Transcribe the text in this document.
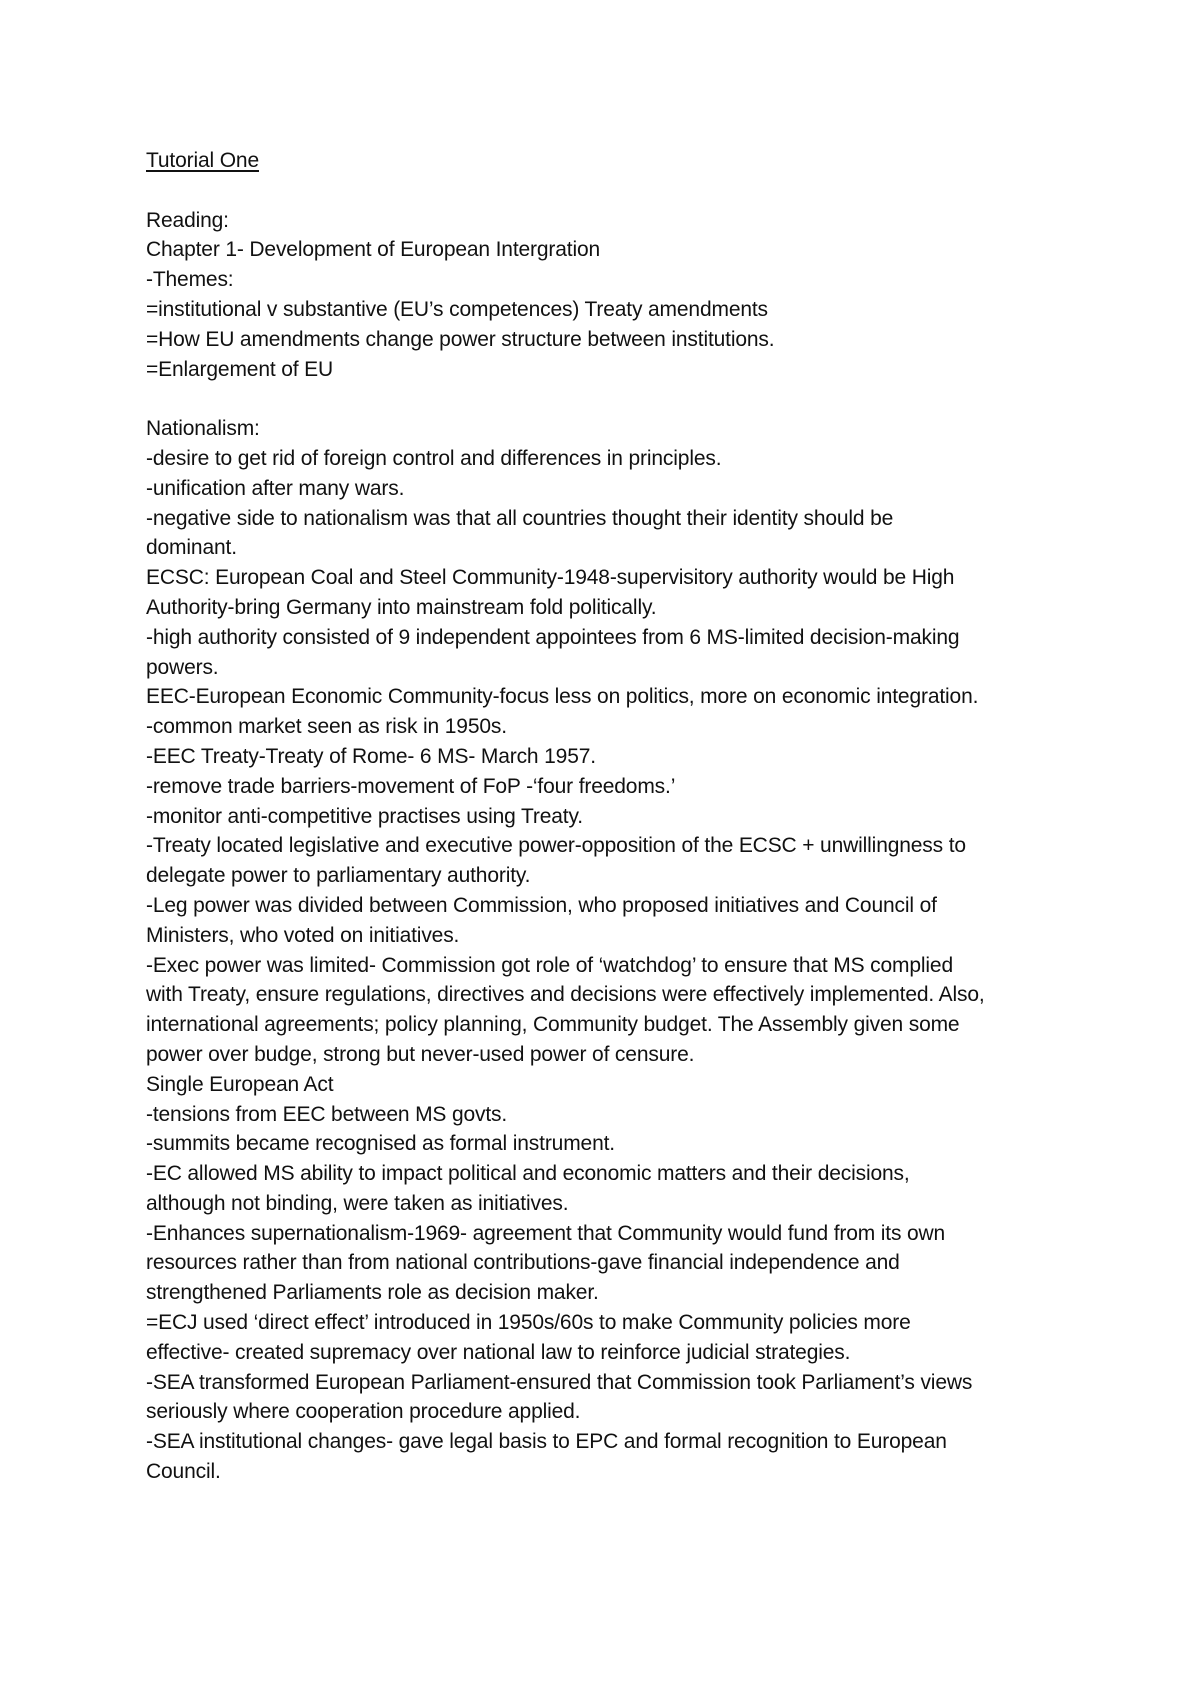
Tutorial One
Reading:
Chapter 1- Development of European Intergration
-Themes:
=institutional v substantive (EU’s competences) Treaty amendments
=How EU amendments change power structure between institutions.
=Enlargement of EU
Nationalism:
-desire to get rid of foreign control and differences in principles.
-unification after many wars.
-negative side to nationalism was that all countries thought their identity should be
dominant.
ECSC: European Coal and Steel Community-1948-supervisitory authority would be High
Authority-bring Germany into mainstream fold politically.
-high authority consisted of 9 independent appointees from 6 MS-limited decision-making
powers.
EEC-European Economic Community-focus less on politics, more on economic integration.
-common market seen as risk in 1950s.
-EEC Treaty-Treaty of Rome- 6 MS- March 1957.
-remove trade barriers-movement of FoP -‘four freedoms.’
-monitor anti-competitive practises using Treaty.
-Treaty located legislative and executive power-opposition of the ECSC + unwillingness to
delegate power to parliamentary authority.
-Leg power was divided between Commission, who proposed initiatives and Council of
Ministers, who voted on initiatives.
-Exec power was limited- Commission got role of ‘watchdog’ to ensure that MS complied
with Treaty, ensure regulations, directives and decisions were effectively implemented. Also,
international agreements; policy planning, Community budget. The Assembly given some
power over budge, strong but never-used power of censure.
Single European Act
-tensions from EEC between MS govts.
-summits became recognised as formal instrument.
-EC allowed MS ability to impact political and economic matters and their decisions,
although not binding, were taken as initiatives.
-Enhances supernationalism-1969- agreement that Community would fund from its own
resources rather than from national contributions-gave financial independence and
strengthened Parliaments role as decision maker.
=ECJ used ‘direct effect’ introduced in 1950s/60s to make Community policies more
effective- created supremacy over national law to reinforce judicial strategies.
-SEA transformed European Parliament-ensured that Commission took Parliament’s views
seriously where cooperation procedure applied.
-SEA institutional changes- gave legal basis to EPC and formal recognition to European
Council.
